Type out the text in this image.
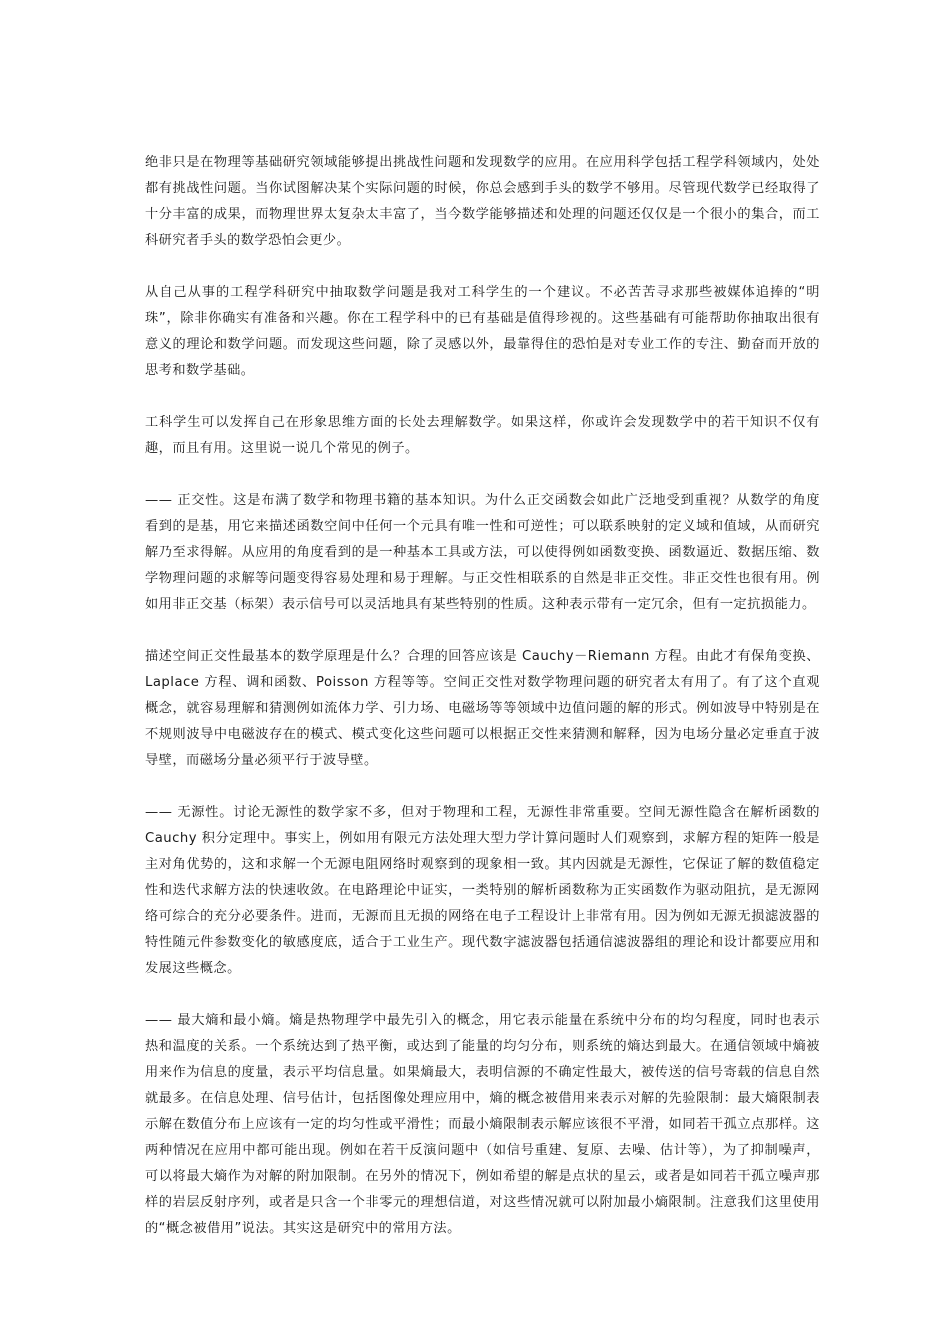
绝非只是在物理等基础研究领域能够提出挑战性问题和发现数学的应用。在应用科学包括工程学科领域内，处处都有挑战性问题。当你试图解决某个实际问题的时候，你总会感到手头的数学不够用。尽管现代数学已经取得了十分丰富的成果，而物理世界太复杂太丰富了，当今数学能够描述和处理的问题还仅仅是一个很小的集合，而工科研究者手头的数学恐怕会更少。

从自己从事的工程学科研究中抽取数学问题是我对工科学生的一个建议。不必苦苦寻求那些被媒体追捧的“明珠”，除非你确实有准备和兴趣。你在工程学科中的已有基础是值得珍视的。这些基础有可能帮助你抽取出很有意义的理论和数学问题。而发现这些问题，除了灵感以外，最靠得住的恐怕是对专业工作的专注、勤奋而开放的思考和数学基础。

工科学生可以发挥自己在形象思维方面的长处去理解数学。如果这样，你或许会发现数学中的若干知识不仅有趣，而且有用。这里说一说几个常见的例子。

—— 正交性。这是布满了数学和物理书籍的基本知识。为什么正交函数会如此广泛地受到重视？从数学的角度看到的是基，用它来描述函数空间中任何一个元具有唯一性和可逆性；可以联系映射的定义域和值域，从而研究解乃至求得解。从应用的角度看到的是一种基本工具或方法，可以使得例如函数变换、函数逼近、数据压缩、数学物理问题的求解等问题变得容易处理和易于理解。与正交性相联系的自然是非正交性。非正交性也很有用。例如用非正交基（标架）表示信号可以灵活地具有某些特别的性质。这种表示带有一定冗余，但有一定抗损能力。

描述空间正交性最基本的数学原理是什么？合理的回答应该是 Cauchy－Riemann 方程。由此才有保角变换、Laplace 方程、调和函数、Poisson 方程等等。空间正交性对数学物理问题的研究者太有用了。有了这个直观概念，就容易理解和猜测例如流体力学、引力场、电磁场等等领域中边值问题的解的形式。例如波导中特别是在不规则波导中电磁波存在的模式、模式变化这些问题可以根据正交性来猜测和解释，因为电场分量必定垂直于波导壁，而磁场分量必须平行于波导壁。

—— 无源性。讨论无源性的数学家不多，但对于物理和工程，无源性非常重要。空间无源性隐含在解析函数的 Cauchy 积分定理中。事实上，例如用有限元方法处理大型力学计算问题时人们观察到，求解方程的矩阵一般是主对角优势的，这和求解一个无源电阻网络时观察到的现象相一致。其内因就是无源性，它保证了解的数值稳定性和迭代求解方法的快速收敛。在电路理论中证实，一类特别的解析函数称为正实函数作为驱动阻抗，是无源网络可综合的充分必要条件。进而，无源而且无损的网络在电子工程设计上非常有用。因为例如无源无损滤波器的特性随元件参数变化的敏感度底，适合于工业生产。现代数字滤波器包括通信滤波器组的理论和设计都要应用和发展这些概念。

—— 最大熵和最小熵。熵是热物理学中最先引入的概念，用它表示能量在系统中分布的均匀程度，同时也表示热和温度的关系。一个系统达到了热平衡，或达到了能量的均匀分布，则系统的熵达到最大。在通信领域中熵被用来作为信息的度量，表示平均信息量。如果熵最大，表明信源的不确定性最大，被传送的信号寄载的信息自然就最多。在信息处理、信号估计，包括图像处理应用中，熵的概念被借用来表示对解的先验限制：最大熵限制表示解在数值分布上应该有一定的均匀性或平滑性；而最小熵限制表示解应该很不平滑，如同若干孤立点那样。这两种情况在应用中都可能出现。例如在若干反演问题中（如信号重建、复原、去噪、估计等），为了抑制噪声，可以将最大熵作为对解的附加限制。在另外的情况下，例如希望的解是点状的星云，或者是如同若干孤立噪声那样的岩层反射序列，或者是只含一个非零元的理想信道，对这些情况就可以附加最小熵限制。注意我们这里使用的“概念被借用”说法。其实这是研究中的常用方法。
